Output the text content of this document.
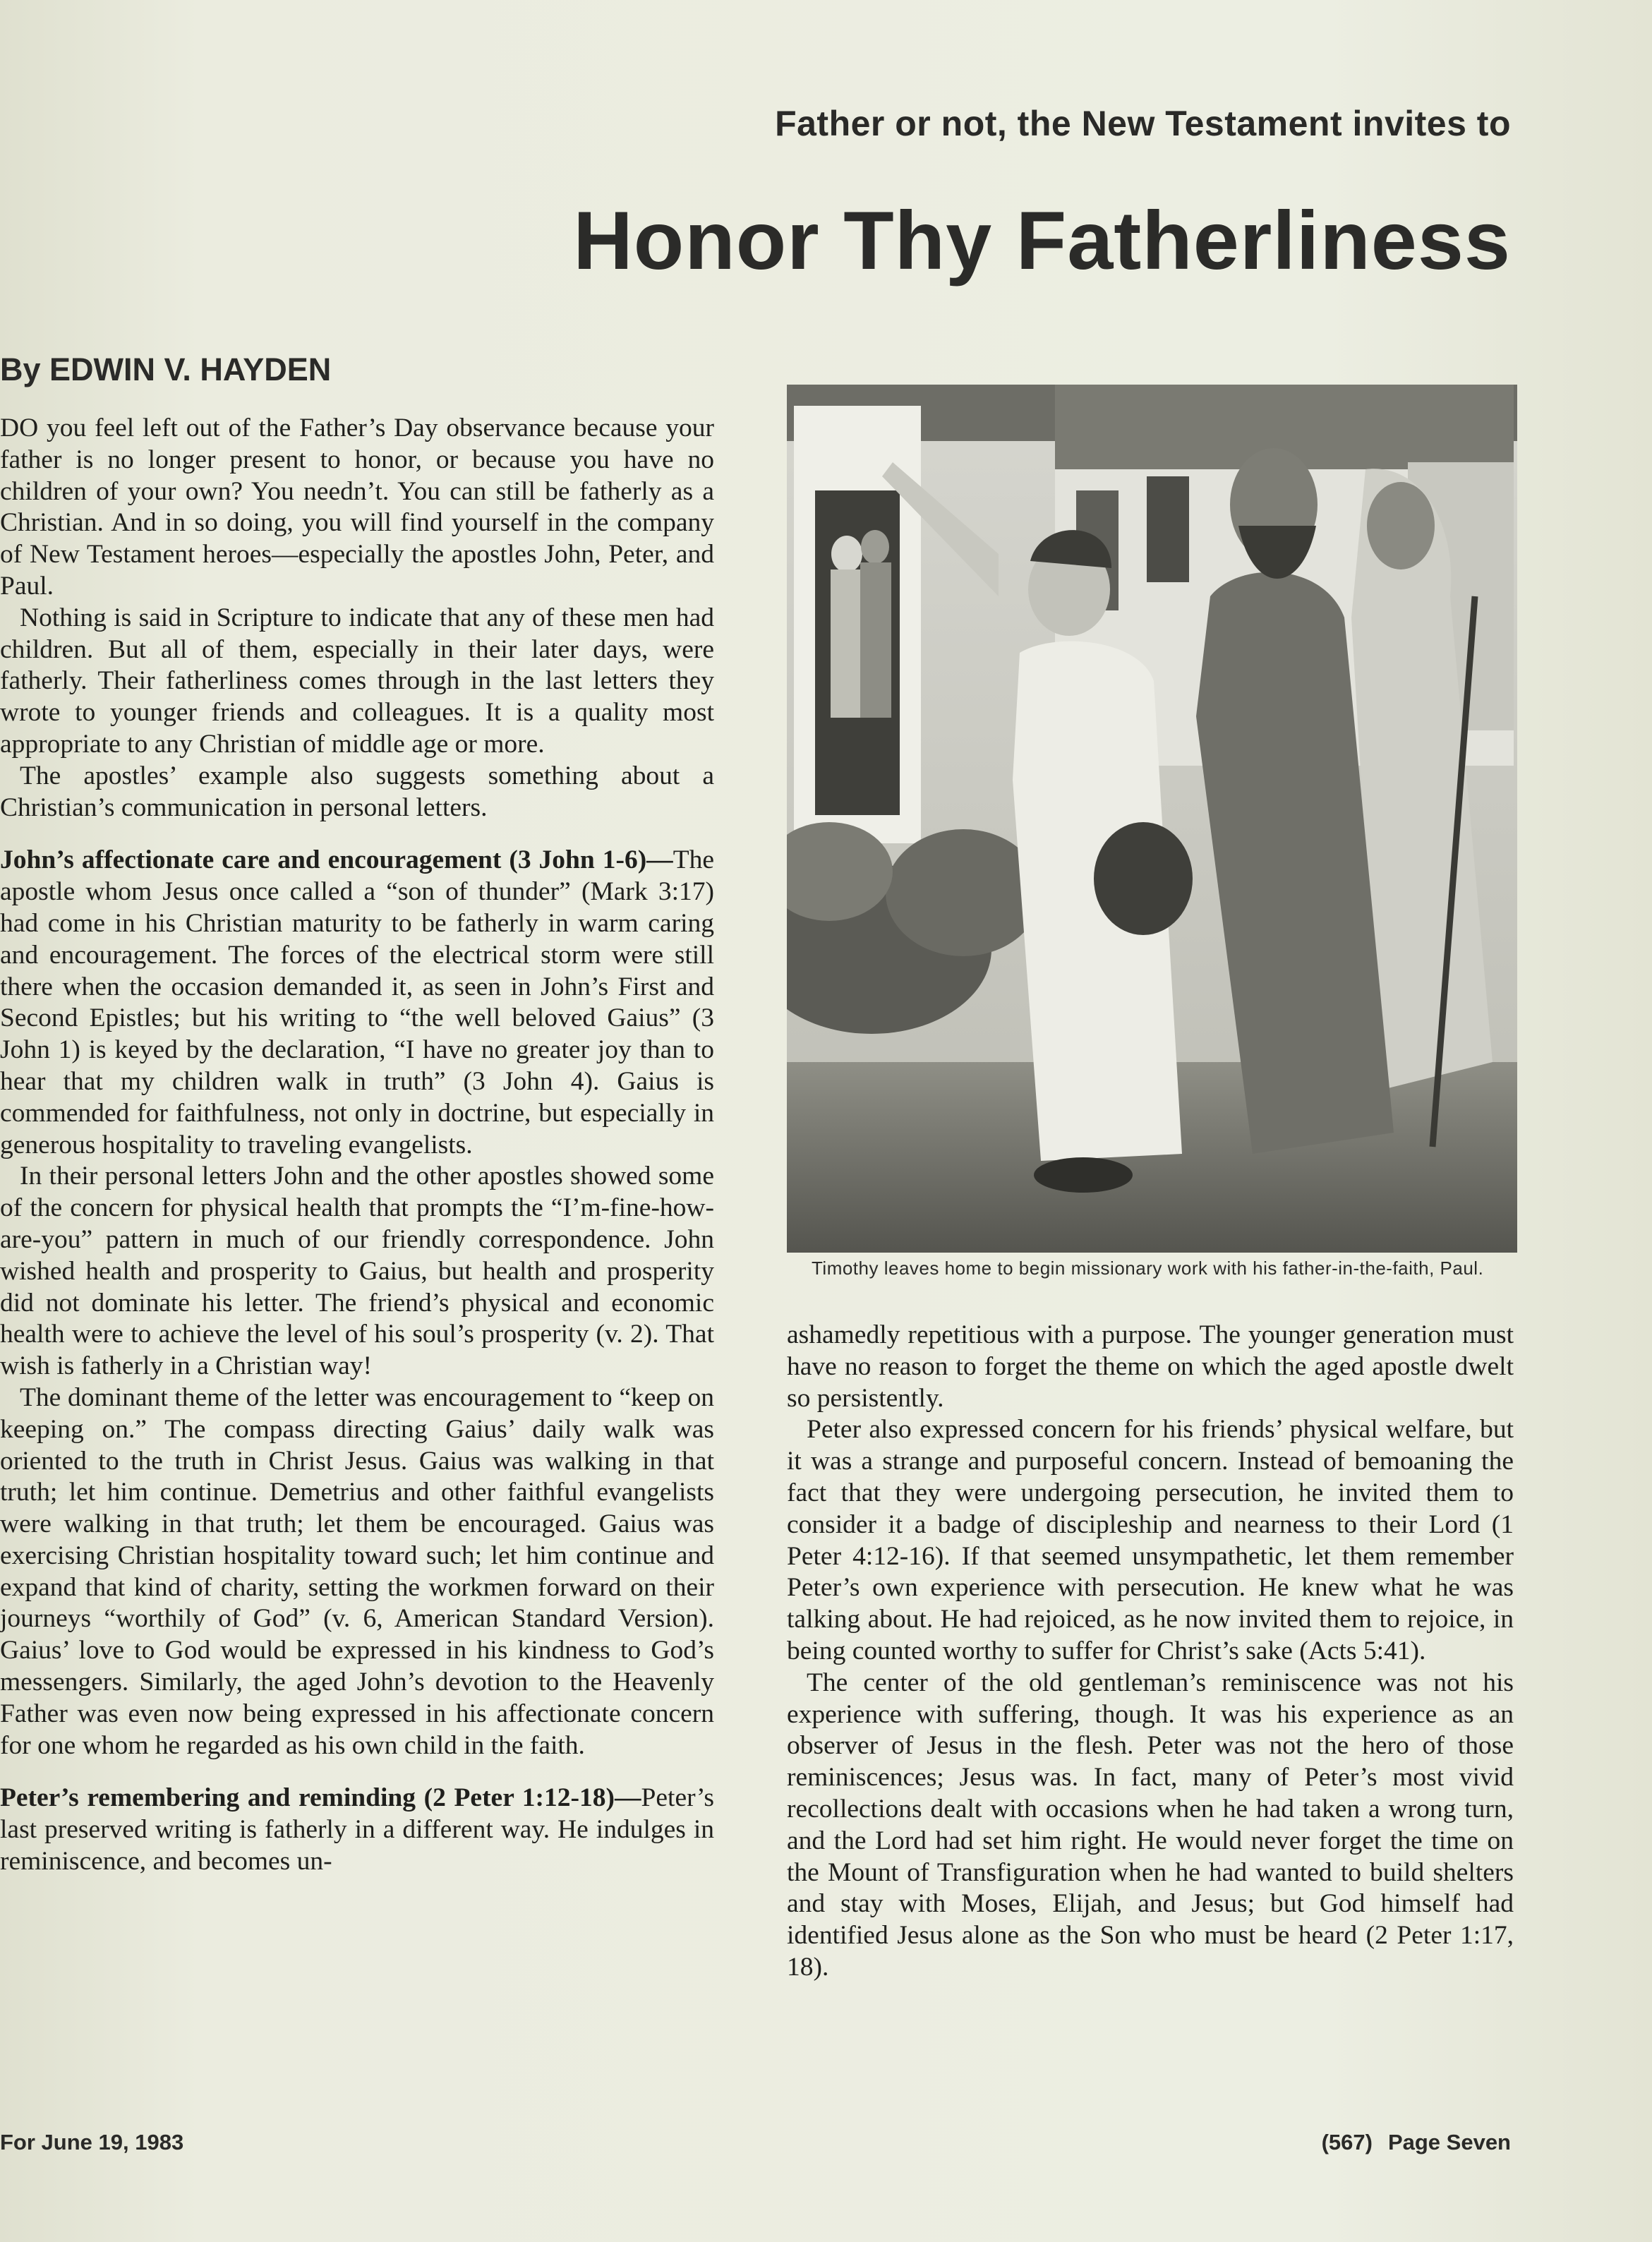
Father or not, the New Testament invites to
Honor Thy Fatherliness
By EDWIN V. HAYDEN

DO you feel left out of the Father’s Day observance because your father is no longer present to honor, or because you have no children of your own? You needn’t. You can still be fatherly as a Christian. And in so doing, you will find yourself in the company of New Testament heroes—especially the apostles John, Peter, and Paul.

Nothing is said in Scripture to indicate that any of these men had children. But all of them, especially in their later days, were fatherly. Their fatherliness comes through in the last letters they wrote to younger friends and colleagues. It is a quality most appropriate to any Christian of middle age or more.

The apostles’ example also suggests something about a Christian’s communication in personal letters.

John’s affectionate care and encouragement (3 John 1-6)—The apostle whom Jesus once called a “son of thunder” (Mark 3:17) had come in his Christian maturity to be fatherly in warm caring and encouragement. The forces of the electrical storm were still there when the occasion demanded it, as seen in John’s First and Second Epistles; but his writing to “the well beloved Gaius” (3 John 1) is keyed by the declaration, “I have no greater joy than to hear that my children walk in truth” (3 John 4). Gaius is commended for faithfulness, not only in doctrine, but especially in generous hospitality to traveling evangelists.

In their personal letters John and the other apostles showed some of the concern for physical health that prompts the “I’m-fine-how-are-you” pattern in much of our friendly correspondence. John wished health and prosperity to Gaius, but health and prosperity did not dominate his letter. The friend’s physical and economic health were to achieve the level of his soul’s prosperity (v. 2). That wish is fatherly in a Christian way!

The dominant theme of the letter was encouragement to “keep on keeping on.” The compass directing Gaius’ daily walk was oriented to the truth in Christ Jesus. Gaius was walking in that truth; let him continue. Demetrius and other faithful evangelists were walking in that truth; let them be encouraged. Gaius was exercising Christian hospitality toward such; let him continue and expand that kind of charity, setting the workmen forward on their journeys “worthily of God” (v. 6, American Standard Version). Gaius’ love to God would be expressed in his kindness to God’s messengers. Similarly, the aged John’s devotion to the Heavenly Father was even now being expressed in his affectionate concern for one whom he regarded as his own child in the faith.

Peter’s remembering and reminding (2 Peter 1:12-18)—Peter’s last preserved writing is fatherly in a different way. He indulges in reminiscence, and becomes un-

Timothy leaves home to begin missionary work with his father-in-the-faith, Paul.

ashamedly repetitious with a purpose. The younger generation must have no reason to forget the theme on which the aged apostle dwelt so persistently.

Peter also expressed concern for his friends’ physical welfare, but it was a strange and purposeful concern. Instead of bemoaning the fact that they were undergoing persecution, he invited them to consider it a badge of discipleship and nearness to their Lord (1 Peter 4:12-16). If that seemed unsympathetic, let them remember Peter’s own experience with persecution. He knew what he was talking about. He had rejoiced, as he now invited them to rejoice, in being counted worthy to suffer for Christ’s sake (Acts 5:41).

The center of the old gentleman’s reminiscence was not his experience with suffering, though. It was his experience as an observer of Jesus in the flesh. Peter was not the hero of those reminiscences; Jesus was. In fact, many of Peter’s most vivid recollections dealt with occasions when he had taken a wrong turn, and the Lord had set him right. He would never forget the time on the Mount of Transfiguration when he had wanted to build shelters and stay with Moses, Elijah, and Jesus; but God himself had identified Jesus alone as the Son who must be heard (2 Peter 1:17, 18).

For June 19, 1983	(567) Page Seven
